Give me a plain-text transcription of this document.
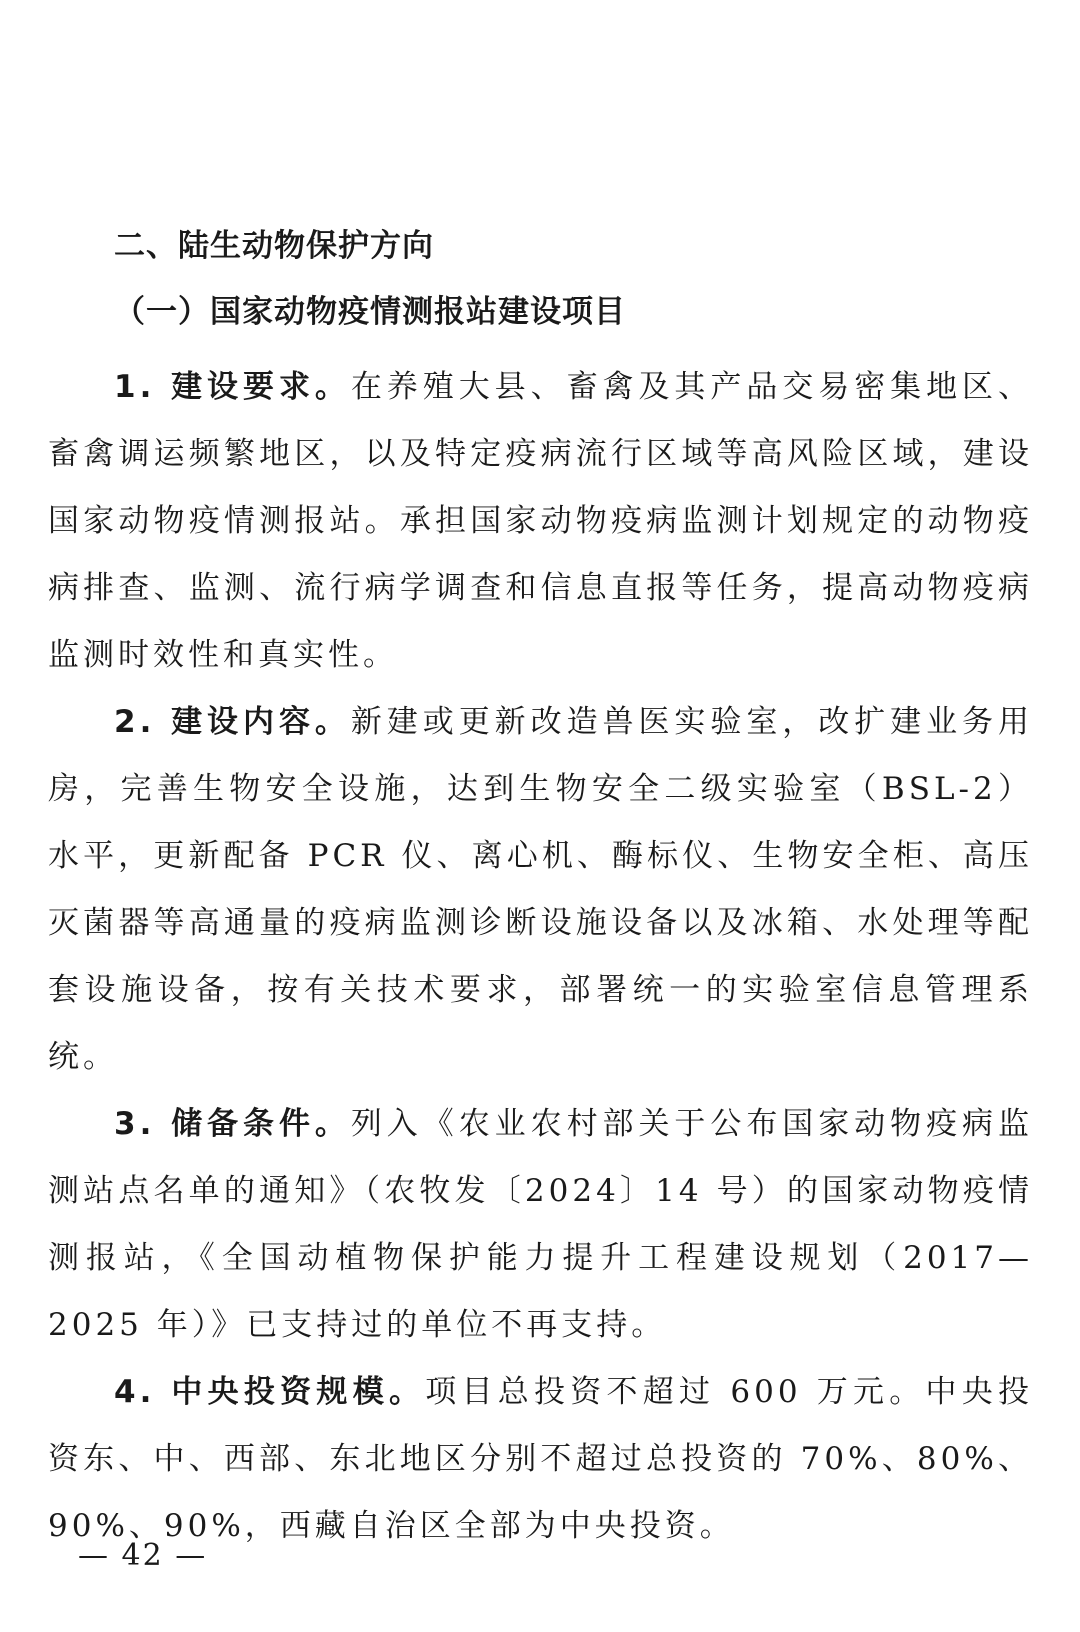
二、陆生动物保护方向
（一）国家动物疫情测报站建设项目

1. 建设要求。在养殖大县、畜禽及其产品交易密集地区、畜禽调运频繁地区，以及特定疫病流行区域等高风险区域，建设国家动物疫情测报站。承担国家动物疫病监测计划规定的动物疫病排查、监测、流行病学调查和信息直报等任务，提高动物疫病监测时效性和真实性。

2. 建设内容。新建或更新改造兽医实验室，改扩建业务用房，完善生物安全设施，达到生物安全二级实验室（BSL-2）水平，更新配备 PCR 仪、离心机、酶标仪、生物安全柜、高压灭菌器等高通量的疫病监测诊断设施设备以及冰箱、水处理等配套设施设备，按有关技术要求，部署统一的实验室信息管理系统。

3. 储备条件。列入《农业农村部关于公布国家动物疫病监测站点名单的通知》（农牧发〔2024〕14 号）的国家动物疫情测报站，《全国动植物保护能力提升工程建设规划（2017—2025 年）》已支持过的单位不再支持。

4. 中央投资规模。项目总投资不超过 600 万元。中央投资东、中、西部、东北地区分别不超过总投资的 70%、80%、90%、90%，西藏自治区全部为中央投资。

— 42 —
